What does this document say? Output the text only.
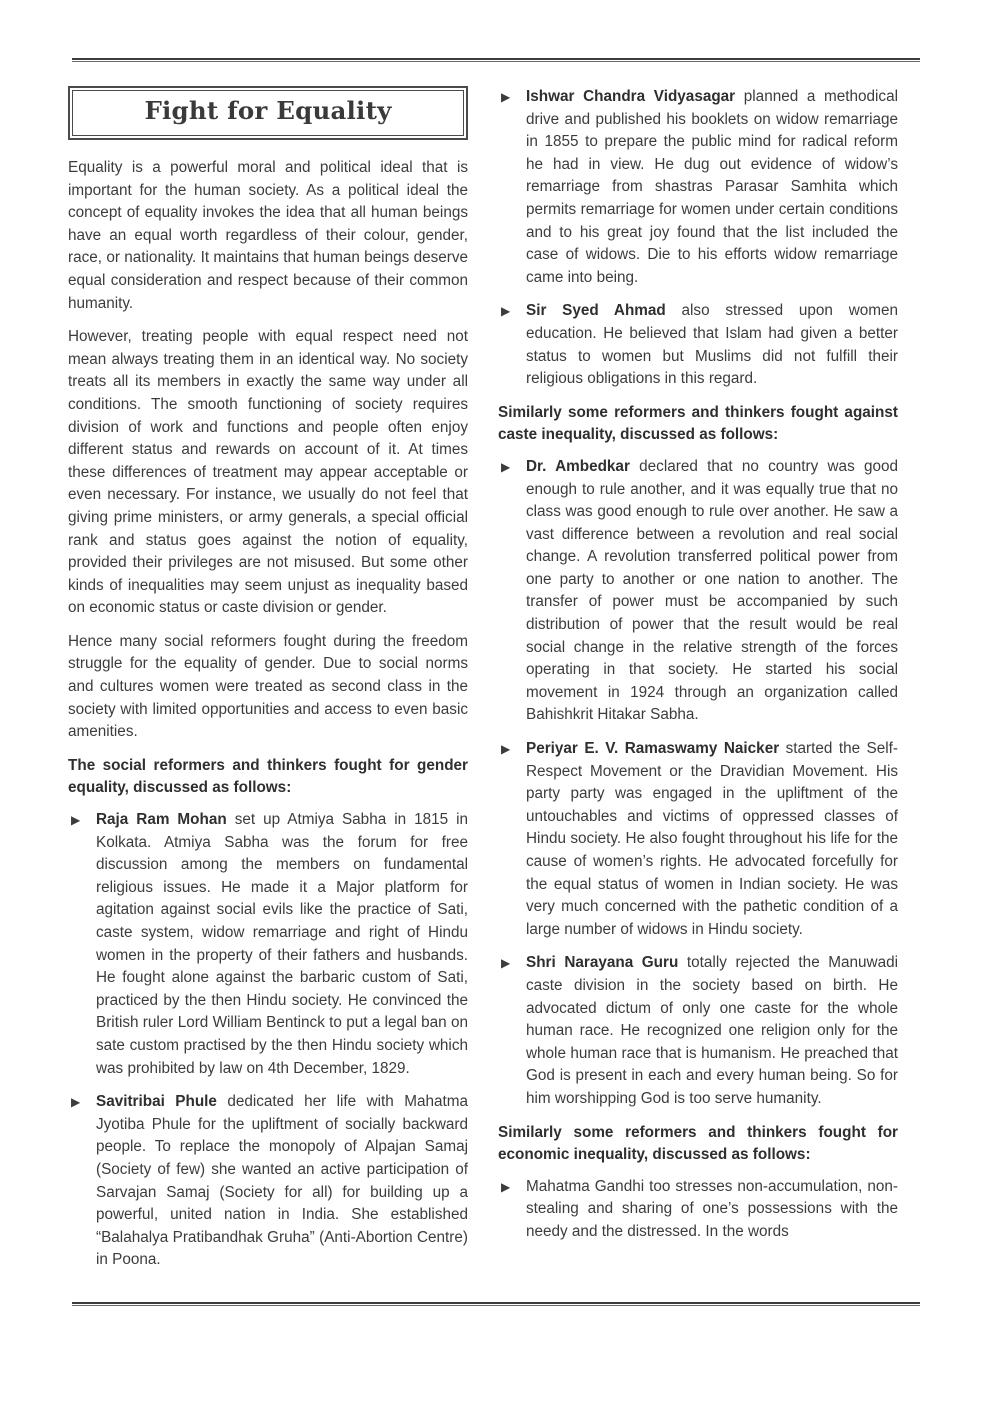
Fight for Equality

Equality is a powerful moral and political ideal that is important for the human society. As a political ideal the concept of equality invokes the idea that all human beings have an equal worth regardless of their colour, gender, race, or nationality. It maintains that human beings deserve equal consideration and respect because of their common humanity.

However, treating people with equal respect need not mean always treating them in an identical way. No society treats all its members in exactly the same way under all conditions. The smooth functioning of society requires division of work and functions and people often enjoy different status and rewards on account of it. At times these differences of treatment may appear acceptable or even necessary. For instance, we usually do not feel that giving prime ministers, or army generals, a special official rank and status goes against the notion of equality, provided their privileges are not misused. But some other kinds of inequalities may seem unjust as inequality based on economic status or caste division or gender.

Hence many social reformers fought during the freedom struggle for the equality of gender. Due to social norms and cultures women were treated as second class in the society with limited opportunities and access to even basic amenities.

The social reformers and thinkers fought for gender equality, discussed as follows:
▶ Raja Ram Mohan set up Atmiya Sabha in 1815 in Kolkata. Atmiya Sabha was the forum for free discussion among the members on fundamental religious issues. He made it a Major platform for agitation against social evils like the practice of Sati, caste system, widow remarriage and right of Hindu women in the property of their fathers and husbands. He fought alone against the barbaric custom of Sati, practiced by the then Hindu society. He convinced the British ruler Lord William Bentinck to put a legal ban on sate custom practised by the then Hindu society which was prohibited by law on 4th December, 1829.
▶ Savitribai Phule dedicated her life with Mahatma Jyotiba Phule for the upliftment of socially backward people. To replace the monopoly of Alpajan Samaj (Society of few) she wanted an active participation of Sarvajan Samaj (Society for all) for building up a powerful, united nation in India. She established “Balahalya Pratibandhak Gruha” (Anti-Abortion Centre) in Poona.
▶ Ishwar Chandra Vidyasagar planned a methodical drive and published his booklets on widow remarriage in 1855 to prepare the public mind for radical reform he had in view. He dug out evidence of widow’s remarriage from shastras Parasar Samhita which permits remarriage for women under certain conditions and to his great joy found that the list included the case of widows. Die to his efforts widow remarriage came into being.
▶ Sir Syed Ahmad also stressed upon women education. He believed that Islam had given a better status to women but Muslims did not fulfill their religious obligations in this regard.
Similarly some reformers and thinkers fought against caste inequality, discussed as follows:
▶ Dr. Ambedkar declared that no country was good enough to rule another, and it was equally true that no class was good enough to rule over another. He saw a vast difference between a revolution and real social change. A revolution transferred political power from one party to another or one nation to another. The transfer of power must be accompanied by such distribution of power that the result would be real social change in the relative strength of the forces operating in that society. He started his social movement in 1924 through an organization called Bahishkrit Hitakar Sabha.
▶ Periyar E. V. Ramaswamy Naicker started the Self-Respect Movement or the Dravidian Movement. His party party was engaged in the upliftment of the untouchables and victims of oppressed classes of Hindu society. He also fought throughout his life for the cause of women’s rights. He advocated forcefully for the equal status of women in Indian society. He was very much concerned with the pathetic condition of a large number of widows in Hindu society.
▶ Shri Narayana Guru totally rejected the Manuwadi caste division in the society based on birth. He advocated dictum of only one caste for the whole human race. He recognized one religion only for the whole human race that is humanism. He preached that God is present in each and every human being. So for him worshipping God is too serve humanity.
Similarly some reformers and thinkers fought for economic inequality, discussed as follows:
▶ Mahatma Gandhi too stresses non-accumulation, non-stealing and sharing of one’s possessions with the needy and the distressed. In the words
